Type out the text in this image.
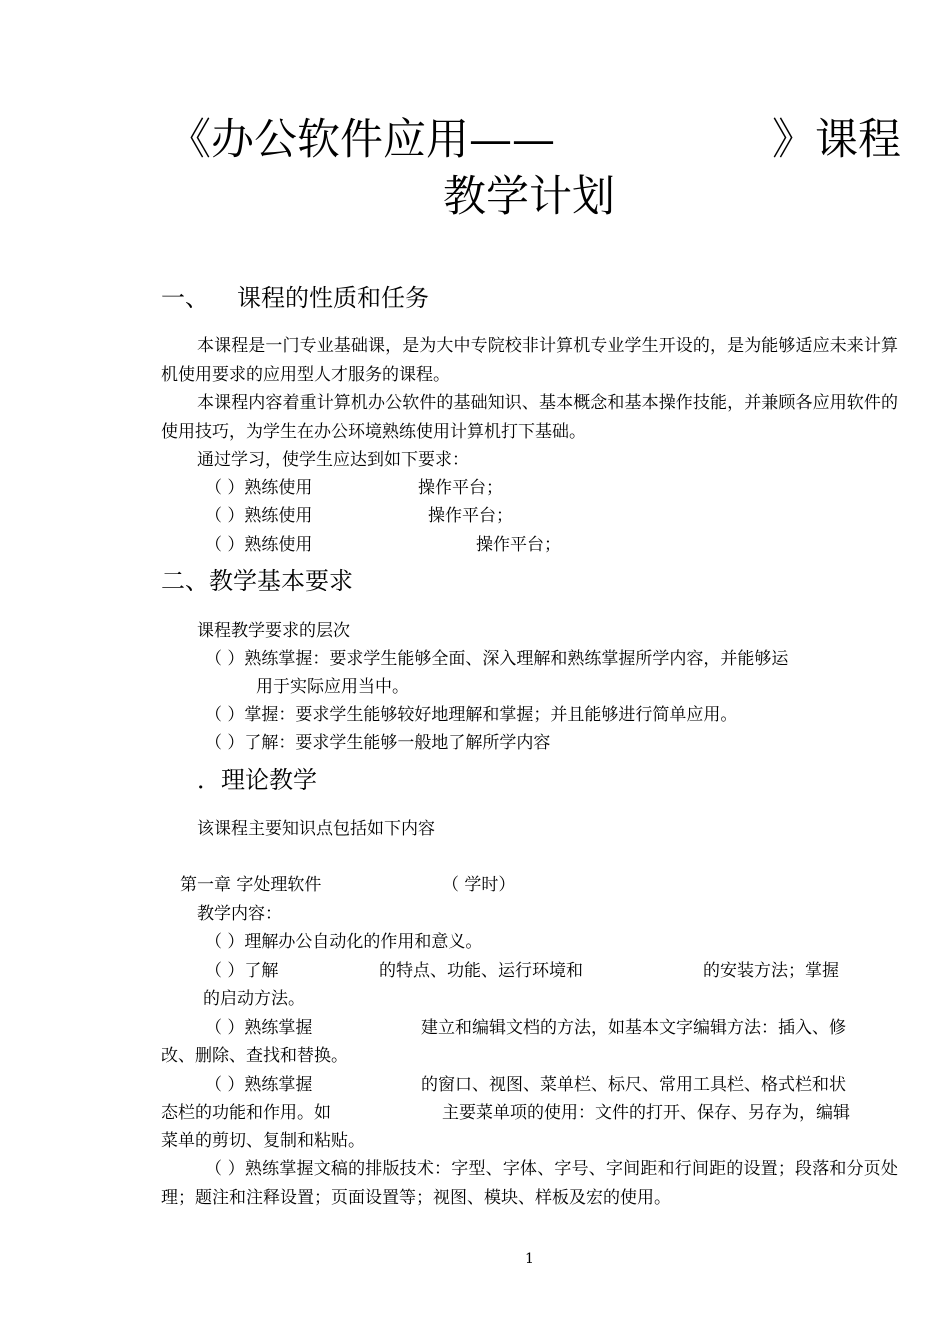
《办公软件应用——	》课程
教学计划
一、 课程的性质和任务
本课程是一门专业基础课，是为大中专院校非计算机专业学生开设的，是为能够适应未来计算机使用要求的应用型人才服务的课程。
本课程内容着重计算机办公软件的基础知识、基本概念和基本操作技能，并兼顾各应用软件的使用技巧，为学生在办公环境熟练使用计算机打下基础。
通过学习，使学生应达到如下要求：
（ ）熟练使用	操作平台；
（ ）熟练使用	操作平台；
（ ）熟练使用	操作平台；
二、教学基本要求
课程教学要求的层次
（ ）熟练掌握：要求学生能够全面、深入理解和熟练掌握所学内容，并能够运
用于实际应用当中。
（ ）掌握：要求学生能够较好地理解和掌握；并且能够进行简单应用。
（ ）了解：要求学生能够一般地了解所学内容
．理论教学
该课程主要知识点包括如下内容
第一章 字处理软件	（ 学时）
教学内容：
（ ）理解办公自动化的作用和意义。
（ ）了解	的特点、功能、运行环境和	的安装方法；掌握
的启动方法。
（ ）熟练掌握	建立和编辑文档的方法，如基本文字编辑方法：插入、修
改、删除、查找和替换。
（ ）熟练掌握	的窗口、视图、菜单栏、标尺、常用工具栏、格式栏和状
态栏的功能和作用。如	主要菜单项的使用：文件的打开、保存、另存为，编辑
菜单的剪切、复制和粘贴。
（ ）熟练掌握文稿的排版技术：字型、字体、字号、字间距和行间距的设置；段落和分页处理；题注和注释设置；页面设置等；视图、模块、样板及宏的使用。
1
